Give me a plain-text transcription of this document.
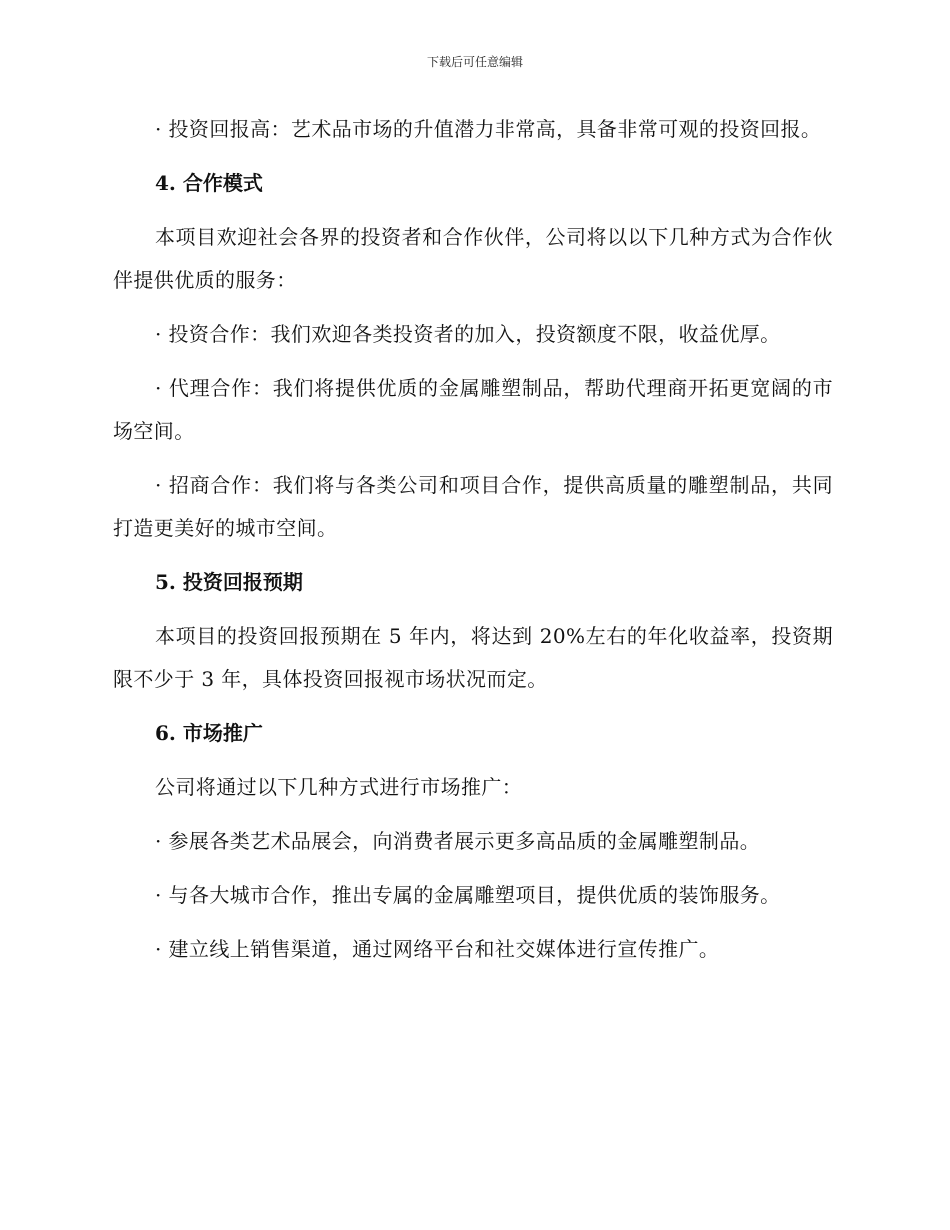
下载后可任意编辑

· 投资回报高：艺术品市场的升值潜力非常高，具备非常可观的投资回报。

4. 合作模式

本项目欢迎社会各界的投资者和合作伙伴，公司将以以下几种方式为合作伙伴提供优质的服务：

· 投资合作：我们欢迎各类投资者的加入，投资额度不限，收益优厚。

· 代理合作：我们将提供优质的金属雕塑制品，帮助代理商开拓更宽阔的市场空间。

· 招商合作：我们将与各类公司和项目合作，提供高质量的雕塑制品，共同打造更美好的城市空间。

5. 投资回报预期

本项目的投资回报预期在 5 年内，将达到 20%左右的年化收益率，投资期限不少于 3 年，具体投资回报视市场状况而定。

6. 市场推广

公司将通过以下几种方式进行市场推广：

· 参展各类艺术品展会，向消费者展示更多高品质的金属雕塑制品。

· 与各大城市合作，推出专属的金属雕塑项目，提供优质的装饰服务。

· 建立线上销售渠道，通过网络平台和社交媒体进行宣传推广。
